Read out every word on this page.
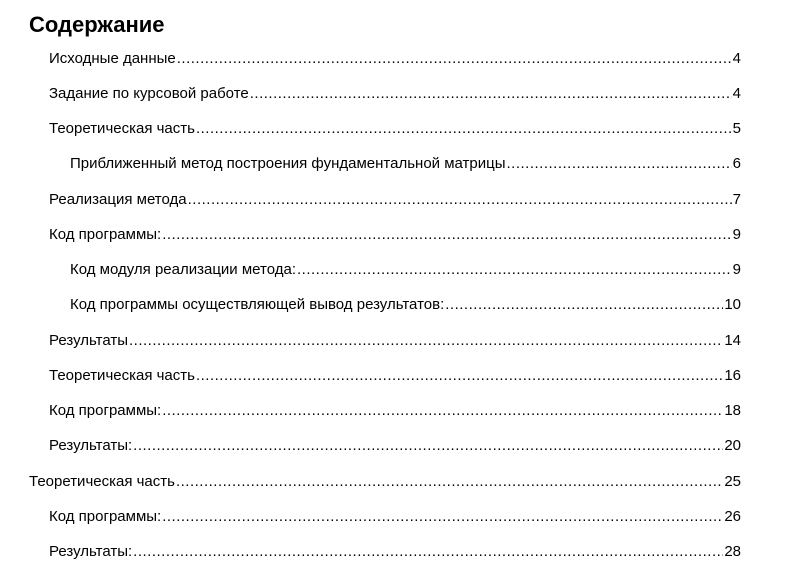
Содержание
Исходные данные .....	4
Задание по курсовой работе .....	4
Теоретическая часть .....	5
Приближенный метод построения фундаментальной матрицы .....	6
Реализация метода .....	7
Код программы: .....	9
Код модуля реализации метода: .....	9
Код программы осуществляющей вывод результатов: .....	10
Результаты .....	14
Теоретическая часть .....	16
Код программы: .....	18
Результаты: .....	20
Теоретическая часть .....	25
Код программы: .....	26
Результаты: .....	28
